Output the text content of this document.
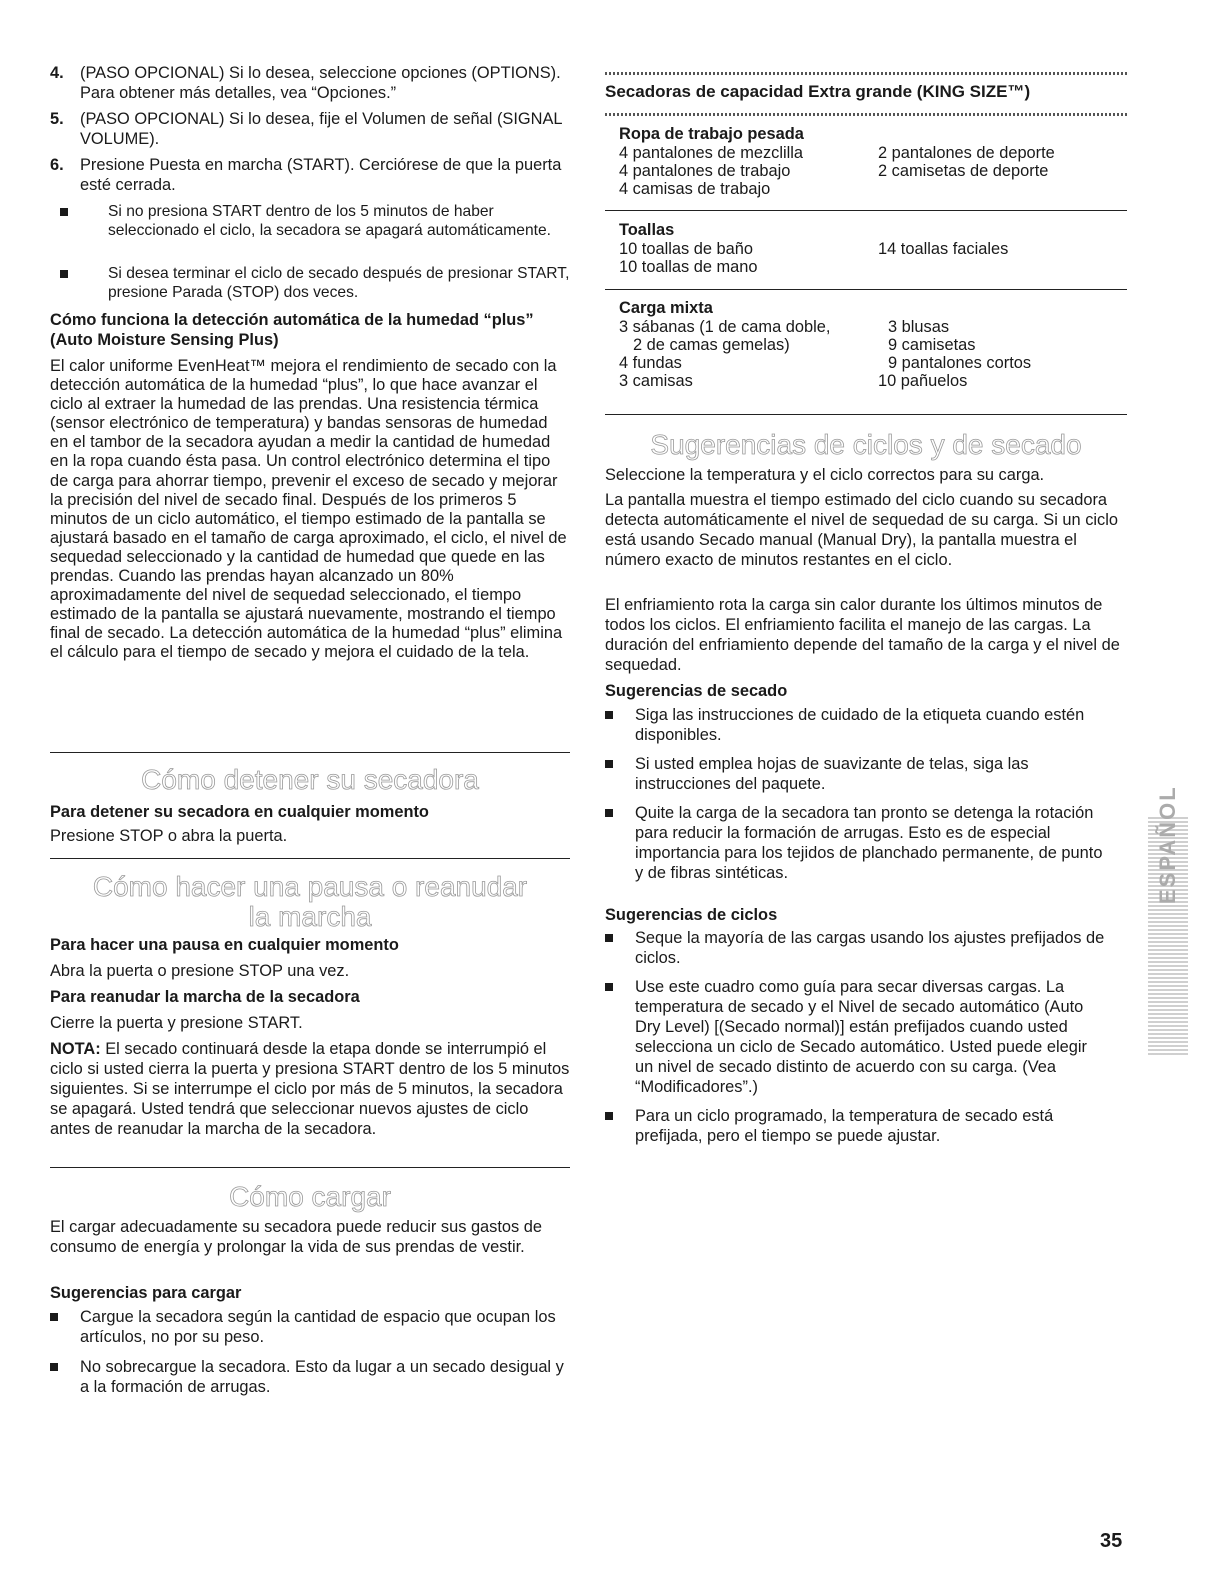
4. (PASO OPCIONAL) Si lo desea, seleccione opciones (OPTIONS). Para obtener más detalles, vea “Opciones.”
5. (PASO OPCIONAL) Si lo desea, fije el Volumen de señal (SIGNAL VOLUME).
6. Presione Puesta en marcha (START). Cerciórese de que la puerta esté cerrada.
Si no presiona START dentro de los 5 minutos de haber seleccionado el ciclo, la secadora se apagará automáticamente.
Si desea terminar el ciclo de secado después de presionar START, presione Parada (STOP) dos veces.
Cómo funciona la detección automática de la humedad “plus” (Auto Moisture Sensing Plus)
El calor uniforme EvenHeat™ mejora el rendimiento de secado con la detección automática de la humedad “plus”, lo que hace avanzar el ciclo al extraer la humedad de las prendas. Una resistencia térmica (sensor electrónico de temperatura) y bandas sensoras de humedad en el tambor de la secadora ayudan a medir la cantidad de humedad en la ropa cuando ésta pasa. Un control electrónico determina el tipo de carga para ahorrar tiempo, prevenir el exceso de secado y mejorar la precisión del nivel de secado final. Después de los primeros 5 minutos de un ciclo automático, el tiempo estimado de la pantalla se ajustará basado en el tamaño de carga aproximado, el ciclo, el nivel de sequedad seleccionado y la cantidad de humedad que quede en las prendas. Cuando las prendas hayan alcanzado un 80% aproximadamente del nivel de sequedad seleccionado, el tiempo estimado de la pantalla se ajustará nuevamente, mostrando el tiempo final de secado. La detección automática de la humedad “plus” elimina el cálculo para el tiempo de secado y mejora el cuidado de la tela.
Cómo detener su secadora
Para detener su secadora en cualquier momento
Presione STOP o abra la puerta.
Cómo hacer una pausa o reanudar
la marcha
Para hacer una pausa en cualquier momento
Abra la puerta o presione STOP una vez.
Para reanudar la marcha de la secadora
Cierre la puerta y presione START.
NOTA: El secado continuará desde la etapa donde se interrumpió el ciclo si usted cierra la puerta y presiona START dentro de los 5 minutos siguientes. Si se interrumpe el ciclo por más de 5 minutos, la secadora se apagará. Usted tendrá que seleccionar nuevos ajustes de ciclo antes de reanudar la marcha de la secadora.
Cómo cargar
El cargar adecuadamente su secadora puede reducir sus gastos de consumo de energía y prolongar la vida de sus prendas de vestir.
Sugerencias para cargar
Cargue la secadora según la cantidad de espacio que ocupan los artículos, no por su peso.
No sobrecargue la secadora. Esto da lugar a un secado desigual y a la formación de arrugas.
Secadoras de capacidad Extra grande (KING SIZE™)
Ropa de trabajo pesada
4 pantalones de mezclilla
4 pantalones de trabajo
4 camisas de trabajo
2 pantalones de deporte
2 camisetas de deporte
Toallas
10 toallas de baño
10 toallas de mano
14 toallas faciales
Carga mixta
3 sábanas (1 de cama doble,
2 de camas gemelas)
4 fundas
3 camisas
3 blusas
9 camisetas
9 pantalones cortos
10 pañuelos
Sugerencias de ciclos y de secado
Seleccione la temperatura y el ciclo correctos para su carga.
La pantalla muestra el tiempo estimado del ciclo cuando su secadora detecta automáticamente el nivel de sequedad de su carga. Si un ciclo está usando Secado manual (Manual Dry), la pantalla muestra el número exacto de minutos restantes en el ciclo.
El enfriamiento rota la carga sin calor durante los últimos minutos de todos los ciclos. El enfriamiento facilita el manejo de las cargas. La duración del enfriamiento depende del tamaño de la carga y el nivel de sequedad.
Sugerencias de secado
Siga las instrucciones de cuidado de la etiqueta cuando estén disponibles.
Si usted emplea hojas de suavizante de telas, siga las instrucciones del paquete.
Quite la carga de la secadora tan pronto se detenga la rotación para reducir la formación de arrugas. Esto es de especial importancia para los tejidos de planchado permanente, de punto y de fibras sintéticas.
Sugerencias de ciclos
Seque la mayoría de las cargas usando los ajustes prefijados de ciclos.
Use este cuadro como guía para secar diversas cargas. La temperatura de secado y el Nivel de secado automático (Auto Dry Level) [(Secado normal)] están prefijados cuando usted selecciona un ciclo de Secado automático. Usted puede elegir un nivel de secado distinto de acuerdo con su carga. (Vea “Modificadores”.)
Para un ciclo programado, la temperatura de secado está prefijada, pero el tiempo se puede ajustar.
ESPAÑOL
35
